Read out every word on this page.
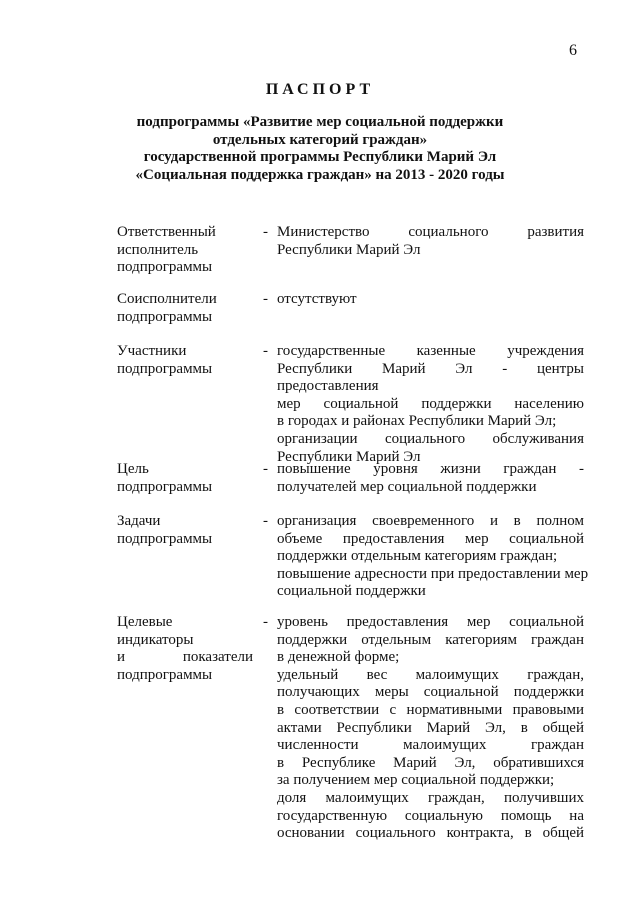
6
ПАСПОРТ
подпрограммы «Развитие мер социальной поддержки
отдельных категорий граждан»
государственной программы Республики Марий Эл
«Социальная поддержка граждан» на 2013 - 2020 годы
Ответственный
исполнитель
подпрограммы
- Министерство социального развития
Республики Марий Эл
Соисполнители
подпрограммы
- отсутствуют
Участники
подпрограммы
- государственные казенные учреждения
Республики Марий Эл - центры предоставления
мер социальной поддержки населению
в городах и районах Республики Марий Эл;
организации социального обслуживания
Республики Марий Эл
Цель
подпрограммы
- повышение уровня жизни граждан -
получателей мер социальной поддержки
Задачи
подпрограммы
- организация своевременного и в полном
объеме предоставления мер социальной
поддержки отдельным категориям граждан;
повышение адресности при предоставлении мер
социальной поддержки
Целевые
индикаторы
и показатели
подпрограммы
- уровень предоставления мер социальной
поддержки отдельным категориям граждан
в денежной форме;
удельный вес малоимущих граждан,
получающих меры социальной поддержки
в соответствии с нормативными правовыми
актами Республики Марий Эл, в общей
численности малоимущих граждан
в Республике Марий Эл, обратившихся
за получением мер социальной поддержки;
доля малоимущих граждан, получивших
государственную социальную помощь на
основании социального контракта, в общей
